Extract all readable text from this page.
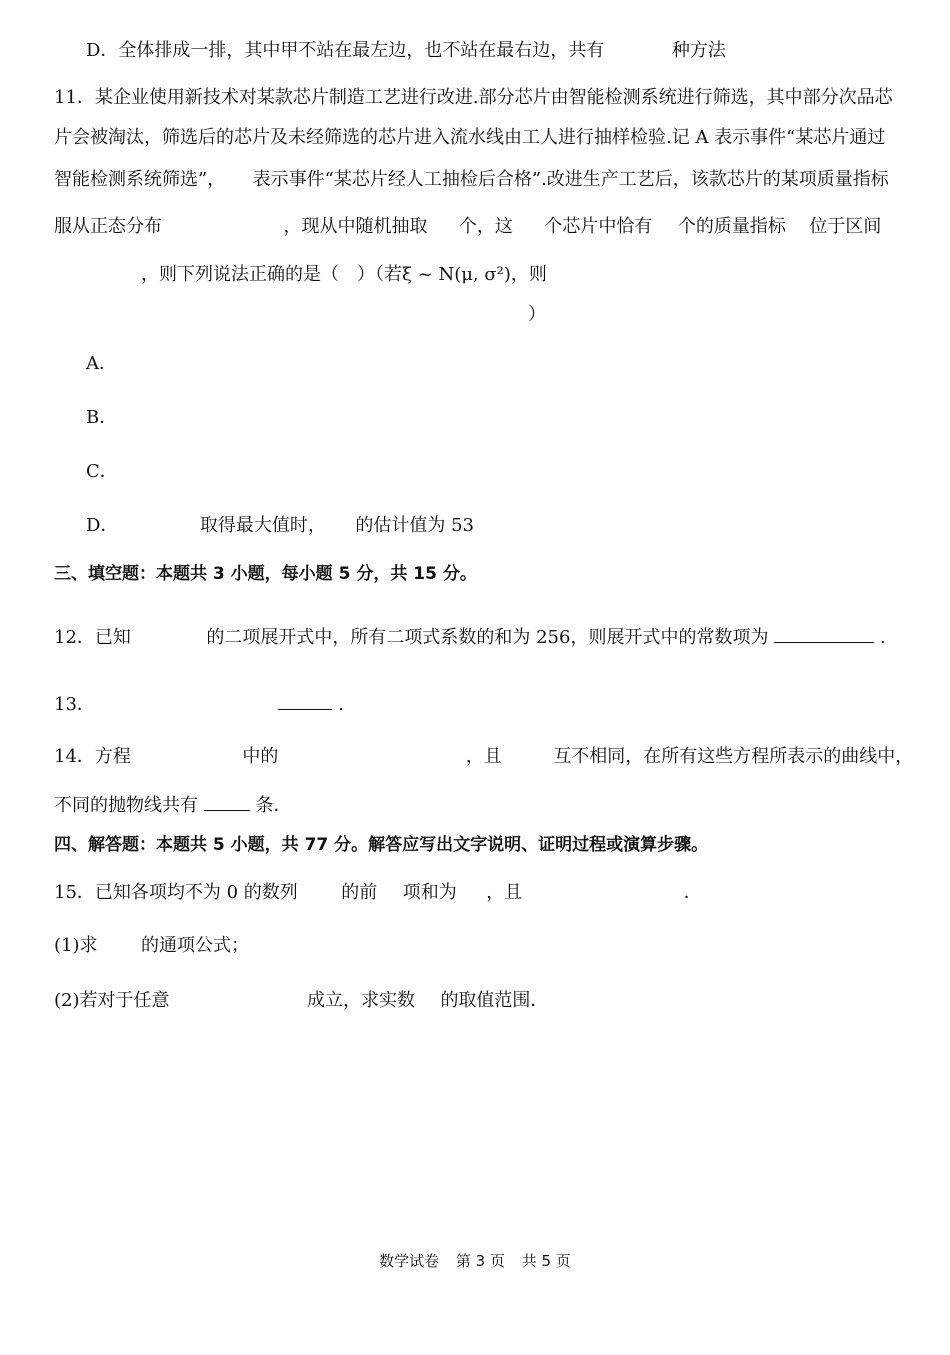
D．全体排成一排，其中甲不站在最左边，也不站在最右边，共有	种方法
11．某企业使用新技术对某款芯片制造工艺进行改进.部分芯片由智能检测系统进行筛选，其中部分次品芯
片会被淘汰，筛选后的芯片及未经筛选的芯片进入流水线由工人进行抽样检验.记 A 表示事件“某芯片通过
智能检测系统筛选”， 表示事件“某芯片经人工抽检后合格”.改进生产工艺后，该款芯片的某项质量指标
服从正态分布	，现从中随机抽取 个，这 个芯片中恰有 个的质量指标 位于区间
，则下列说法正确的是（　）（若ξ ~ N(μ, σ²)，则
）
A．
B．
C．
D．	取得最大值时， 的估计值为 53
三、填空题：本题共 3 小题，每小题 5 分，共 15 分。
12．已知	的二项展开式中，所有二项式系数的和为 256，则展开式中的常数项为	.
13．	.
14．方程	中的	，且	互不相同，在所有这些方程所表示的曲线中，
不同的抛物线共有	条．
四、解答题：本题共 5 小题，共 77 分。解答应写出文字说明、证明过程或演算步骤。
15．已知各项均不为 0 的数列 的前 项和为 ，且	．
(1)求 的通项公式；
(2)若对于任意	成立，求实数 的取值范围．
数学试卷 第 3 页 共 5 页
